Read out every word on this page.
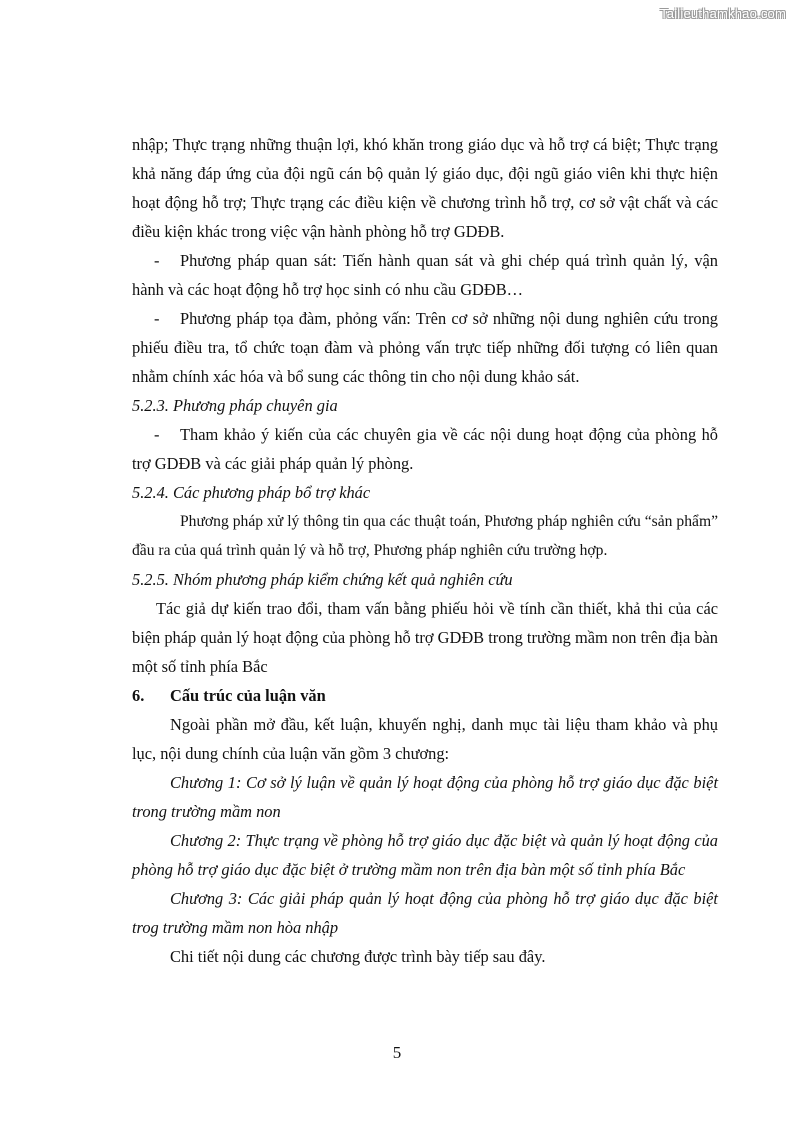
Tailieuthamkhao.com

nhập; Thực trạng những thuận lợi, khó khăn trong giáo dục và hỗ trợ cá biệt; Thực trạng khả năng đáp ứng của đội ngũ cán bộ quản lý giáo dục, đội ngũ giáo viên khi thực hiện hoạt động hỗ trợ; Thực trạng các điều kiện về chương trình hỗ trợ, cơ sở vật chất và các điều kiện khác trong việc vận hành phòng hỗ trợ GDĐB.

- Phương pháp quan sát: Tiến hành quan sát và ghi chép quá trình quản lý, vận hành và các hoạt động hỗ trợ học sinh có nhu cầu GDĐB…

- Phương pháp tọa đàm, phỏng vấn: Trên cơ sở những nội dung nghiên cứu trong phiếu điều tra, tổ chức toạn đàm và phỏng vấn trực tiếp những đối tượng có liên quan nhằm chính xác hóa và bổ sung các thông tin cho nội dung khảo sát.

5.2.3. Phương pháp chuyên gia

- Tham khảo ý kiến của các chuyên gia về các nội dung hoạt động của phòng hỗ trợ GDĐB và các giải pháp quản lý phòng.

5.2.4. Các phương pháp bổ trợ khác

Phương pháp xử lý thông tin qua các thuật toán, Phương pháp nghiên cứu “sản phẩm” đầu ra của quá trình quản lý và hỗ trợ, Phương pháp nghiên cứu trường hợp.

5.2.5. Nhóm phương pháp kiểm chứng kết quả nghiên cứu

Tác giả dự kiến trao đổi, tham vấn bằng phiếu hỏi về tính cần thiết, khả thi của các biện pháp quản lý hoạt động của phòng hỗ trợ GDĐB trong trường mầm non trên địa bàn một số tỉnh phía Bắc

6. Cấu trúc của luận văn

Ngoài phần mở đầu, kết luận, khuyến nghị, danh mục tài liệu tham khảo và phụ lục, nội dung chính của luận văn gồm 3 chương:

Chương 1: Cơ sở lý luận về quản lý hoạt động của phòng hỗ trợ giáo dục đặc biệt trong trường mầm non

Chương 2: Thực trạng về phòng hỗ trợ giáo dục đặc biệt và quản lý hoạt động của phòng hỗ trợ giáo dục đặc biệt ở trường mầm non trên địa bàn một số tỉnh phía Bắc

Chương 3: Các giải pháp quản lý hoạt động của phòng hỗ trợ giáo dục đặc biệt trog trường mầm non hòa nhập

Chi tiết nội dung các chương được trình bày tiếp sau đây.

5
